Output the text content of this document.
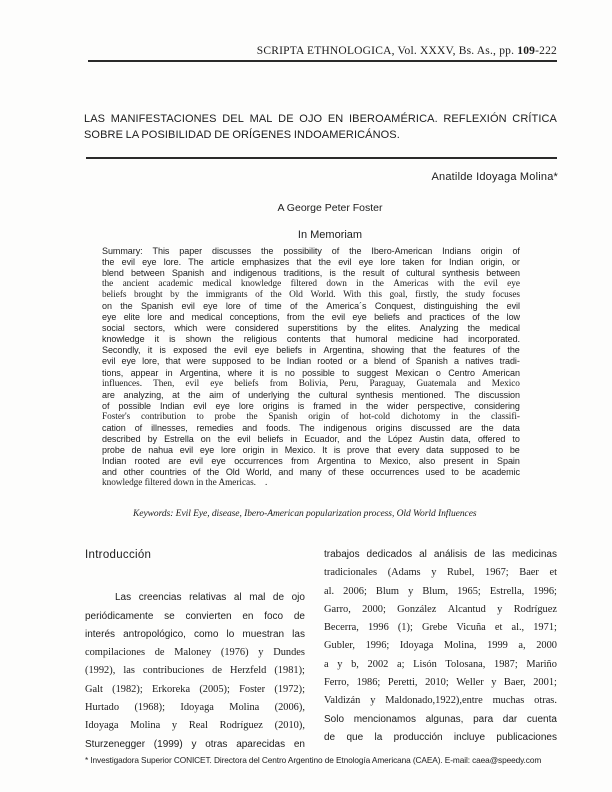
SCRIPTA ETHNOLOGICA, Vol. XXXV, Bs. As., pp. 109-222
LAS MANIFESTACIONES DEL MAL DE OJO EN IBEROAMÉRICA. REFLEXIÓN CRÍTICA
SOBRE LA POSIBILIDAD DE ORÍGENES INDOAMERICÁNOS.
Anatilde Idoyaga Molina*
A George Peter Foster
In Memoriam
Summary: This paper discusses the possibility of the Ibero-American Indians origin of
the evil eye lore. The article emphasizes that the evil eye lore taken for Indian origin, or
blend between Spanish and indigenous traditions, is the result of cultural synthesis between
the ancient academic medical knowledge filtered down in the Americas with the evil eye
beliefs brought by the immigrants of the Old World. With this goal, firstly, the study focuses
on the Spanish evil eye lore of time of the America´s Conquest, distinguishing the evil
eye elite lore and medical conceptions, from the evil eye beliefs and practices of the low
social sectors, which were considered superstitions by the elites. Analyzing the medical
knowledge it is shown the religious contents that humoral medicine had incorporated.
Secondly, it is exposed the evil eye beliefs in Argentina, showing that the features of the
evil eye lore, that were supposed to be Indian rooted or a blend of Spanish a natives tradi-
tions, appear in Argentina, where it is no possible to suggest Mexican o Centro American
influences. Then, evil eye beliefs from Bolivia, Peru, Paraguay, Guatemala and Mexico
are analyzing, at the aim of underlying the cultural synthesis mentioned. The discussion
of possible Indian evil eye lore origins is framed in the wider perspective, considering
Foster's contribution to probe the Spanish origin of hot-cold dichotomy in the classifi-
cation of illnesses, remedies and foods. The indigenous origins discussed are the data
described by Estrella on the evil beliefs in Ecuador, and the López Austin data, offered to
probe de nahua evil eye lore origin in Mexico. It is prove that every data supposed to be
Indian rooted are evil eye occurrences from Argentina to Mexico, also present in Spain
and other countries of the Old World, and many of these occurrences used to be academic
knowledge filtered down in the Americas.    .
Keywords: Evil Eye, disease, Ibero-American popularization process, Old World Influences
Introducción
Las creencias relativas al mal de ojo
periódicamente se convierten en foco de
interés antropológico, como lo muestran las
compilaciones de Maloney (1976) y Dundes
(1992), las contribuciones de Herzfeld (1981);
Galt (1982); Erkoreka (2005); Foster (1972);
Hurtado (1968); Idoyaga Molina (2006),
Idoyaga Molina y Real Rodríguez (2010),
Sturzenegger (1999) y otras aparecidas en
trabajos dedicados al análisis de las medicinas
tradicionales (Adams y Rubel, 1967; Baer et
al. 2006; Blum y Blum, 1965; Estrella, 1996;
Garro, 2000; González Alcantud y Rodríguez
Becerra, 1996 (1); Grebe Vicuña et al., 1971;
Gubler, 1996; Idoyaga Molina, 1999 a, 2000
a y b, 2002 a; Lisón Tolosana, 1987; Mariño
Ferro, 1986; Peretti, 2010; Weller y Baer, 2001;
Valdizán y Maldonado,1922),entre muchas otras.
Solo mencionamos algunas, para dar cuenta
de que la producción incluye publicaciones
* Investigadora Superior CONICET. Directora del Centro Argentino de Etnología Americana (CAEA). E-mail: caea@speedy.com
